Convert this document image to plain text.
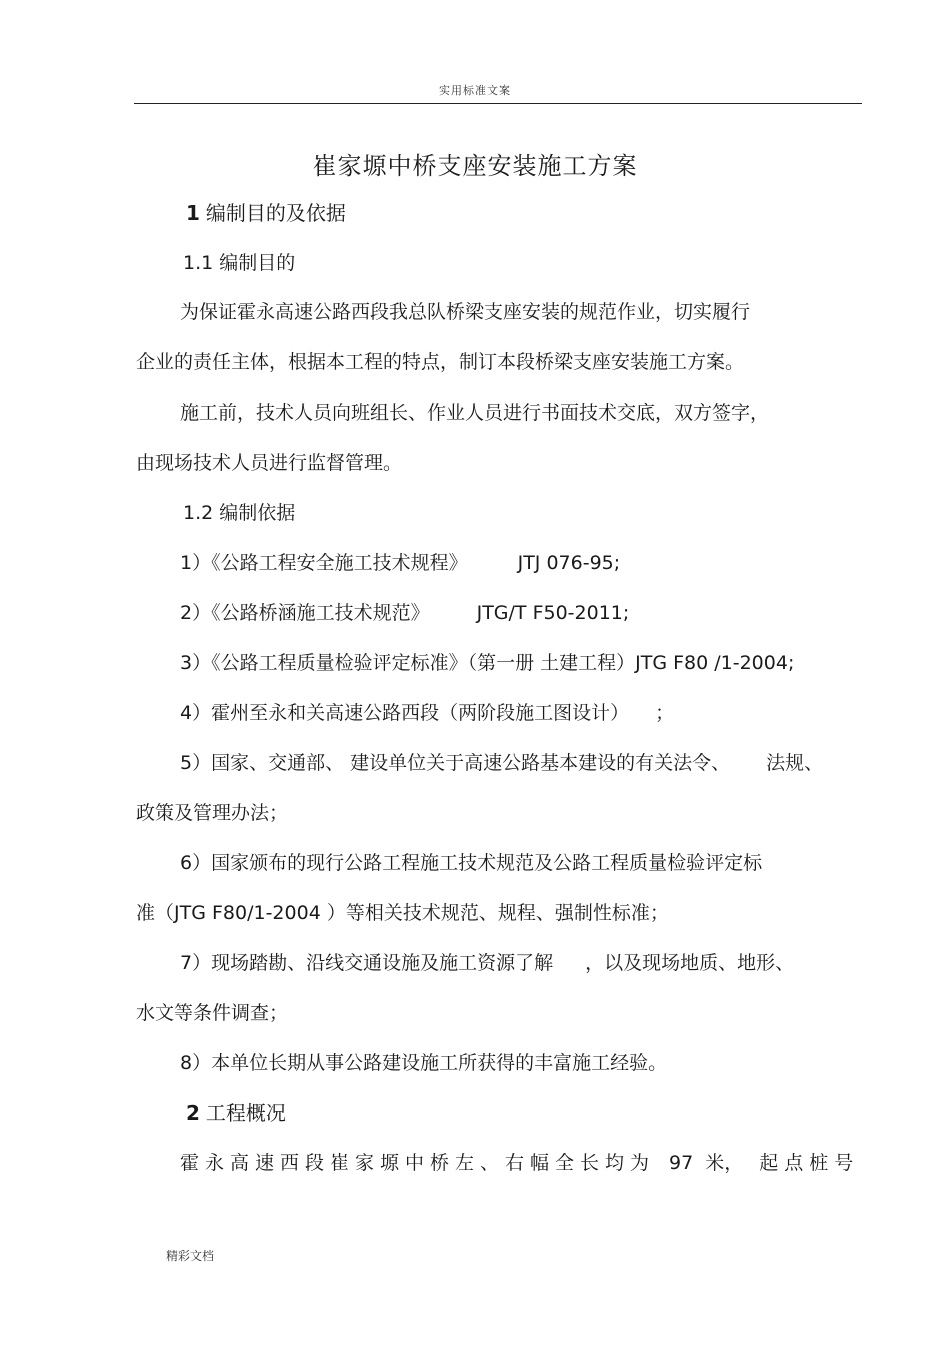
实用标准文案
崔家塬中桥支座安装施工方案
1 编制目的及依据
1.1 编制目的
为保证霍永高速公路西段我总队桥梁支座安装的规范作业，切实履行
企业的责任主体，根据本工程的特点，制订本段桥梁支座安装施工方案。
施工前，技术人员向班组长、作业人员进行书面技术交底，双方签字，
由现场技术人员进行监督管理。
1.2 编制依据
1）《公路工程安全施工技术规程》	JTJ 076-95;
2）《公路桥涵施工技术规范》 JTG/T F50-2011;
3）《公路工程质量检验评定标准》（第一册 土建工程）JTG F80 /1-2004;
4）霍州至永和关高速公路西段（两阶段施工图设计） ；
5）国家、交通部、 建设单位关于高速公路基本建设的有关法令、 法规、
政策及管理办法；
6）国家颁布的现行公路工程施工技术规范及公路工程质量检验评定标
准（JTG F80/1-2004 ）等相关技术规范、规程、强制性标准；
7）现场踏勘、沿线交通设施及施工资源了解 ，以及现场地质、地形、
水文等条件调查；
8）本单位长期从事公路建设施工所获得的丰富施工经验。
2 工程概况
霍永高速西段崔家塬中桥左、右幅全长均为 97 米， 起点桩号
精彩文档
